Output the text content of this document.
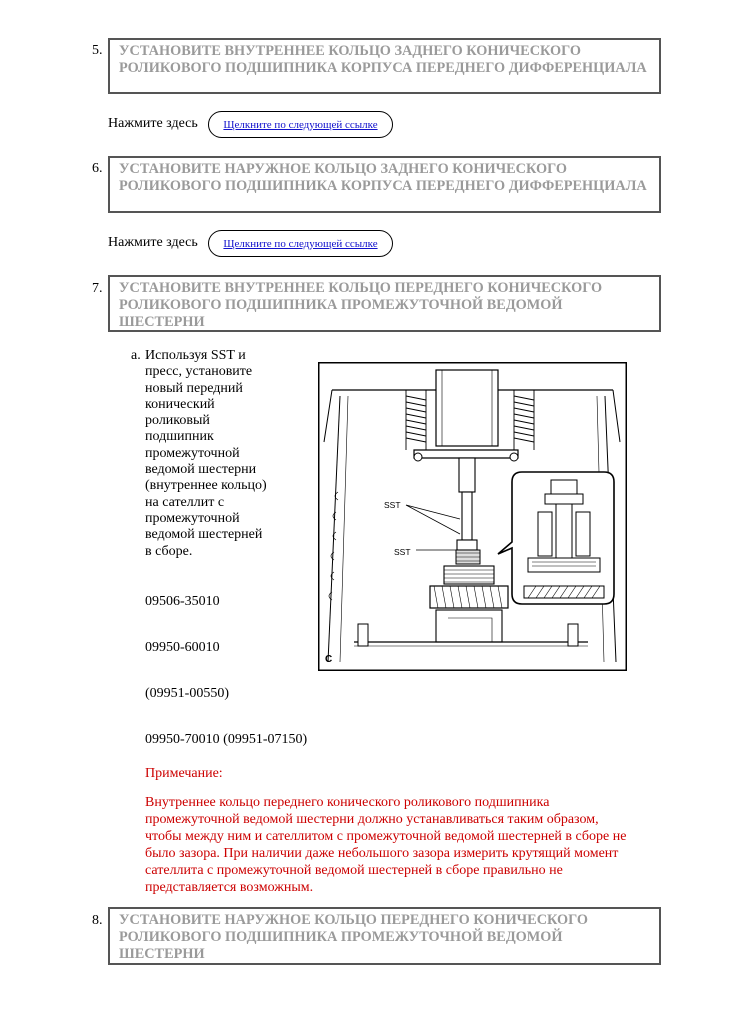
5.	УСТАНОВИТЕ ВНУТРЕННЕЕ КОЛЬЦО ЗАДНЕГО КОНИЧЕСКОГО РОЛИКОВОГО ПОДШИПНИКА КОРПУСА ПЕРЕДНЕГО ДИФФЕРЕНЦИАЛА
Нажмите здесь	Щелкните по следующей ссылке
6.	УСТАНОВИТЕ НАРУЖНОЕ КОЛЬЦО ЗАДНЕГО КОНИЧЕСКОГО РОЛИКОВОГО ПОДШИПНИКА КОРПУСА ПЕРЕДНЕГО ДИФФЕРЕНЦИАЛА
Нажмите здесь	Щелкните по следующей ссылке
7.	УСТАНОВИТЕ ВНУТРЕННЕЕ КОЛЬЦО ПЕРЕДНЕГО КОНИЧЕСКОГО РОЛИКОВОГО ПОДШИПНИКА ПРОМЕЖУТОЧНОЙ ВЕДОМОЙ ШЕСТЕРНИ
a. Используя SST и
пресс, установите
новый передний
конический
роликовый
подшипник
промежуточной
ведомой шестерни
(внутреннее кольцо)
на сателлит с
промежуточной
ведомой шестерней
в сборе.
09506-35010
09950-60010
(09951-00550)
09950-70010 (09951-07150)
Примечание:
Внутреннее кольцо переднего конического роликового подшипника
промежуточной ведомой шестерни должно устанавливаться таким образом,
чтобы между ним и сателлитом с промежуточной ведомой шестерней в сборе не
было зазора. При наличии даже небольшого зазора измерить крутящий момент
сателлита с промежуточной ведомой шестерней в сборе правильно не
представляется возможным.
SST
SST
C
8.	УСТАНОВИТЕ НАРУЖНОЕ КОЛЬЦО ПЕРЕДНЕГО КОНИЧЕСКОГО РОЛИКОВОГО ПОДШИПНИКА ПРОМЕЖУТОЧНОЙ ВЕДОМОЙ ШЕСТЕРНИ
